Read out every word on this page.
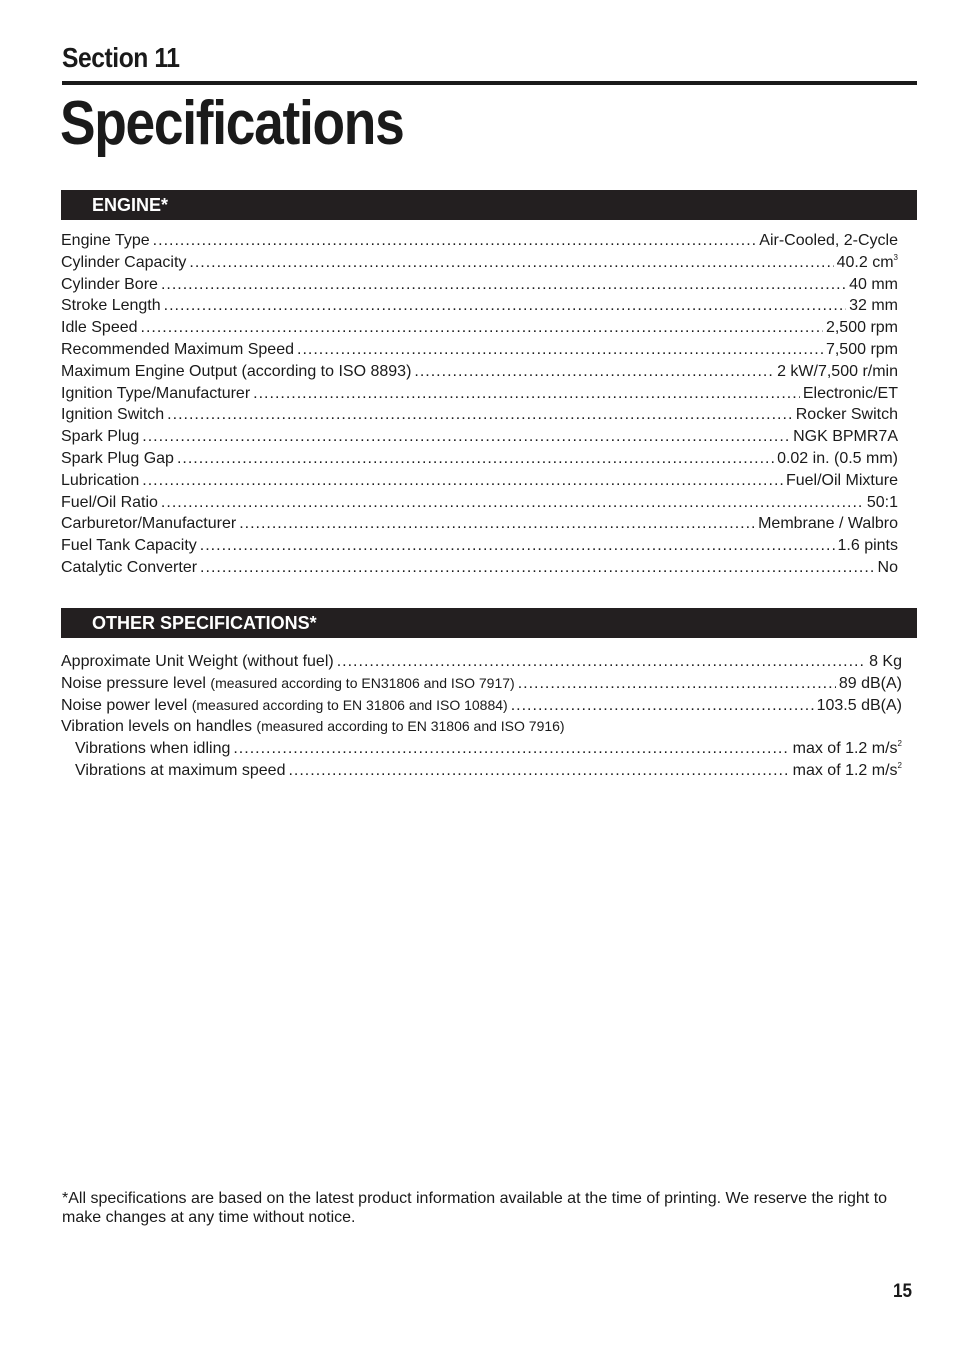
Section 11
Specifications
ENGINE*
Engine Type .....	Air-Cooled, 2-Cycle
Cylinder Capacity .....	40.2 $cm^3$
Cylinder Bore .....	40 mm
Stroke Length .....	32 mm
Idle Speed .....	2,500 rpm
Recommended Maximum Speed .....	7,500 rpm
Maximum Engine Output (according to ISO 8893) .....	2 kW/7,500 r/min
Ignition Type/Manufacturer .....	Electronic/ET
Ignition Switch .....	Rocker Switch
Spark Plug .....	NGK BPMR7A
Spark Plug Gap .....	0.02 in. (0.5 mm)
Lubrication .....	Fuel/Oil Mixture
Fuel/Oil Ratio .....	50:1
Carburetor/Manufacturer .....	Membrane / Walbro
Fuel Tank Capacity .....	1.6 pints
Catalytic Converter .....	No
OTHER SPECIFICATIONS*
Approximate Unit Weight (without fuel) .....	8 Kg
Noise pressure level
(measured according to EN31806 and ISO 7917) .....	89 dB(A)
Noise power level
(measured according to EN 31806 and ISO 10884) .....	103.5 dB(A)
Vibration levels on handles (measured according to EN 31806 and ISO 7916)
Vibrations when idling .....	max of 1.2 $m/s^2$
Vibrations at maximum speed .....	max of 1.2 $m/s^2$
*All specifications are based on the latest product information available at the time of printing. We reserve the right to make changes at any time without notice.
15
